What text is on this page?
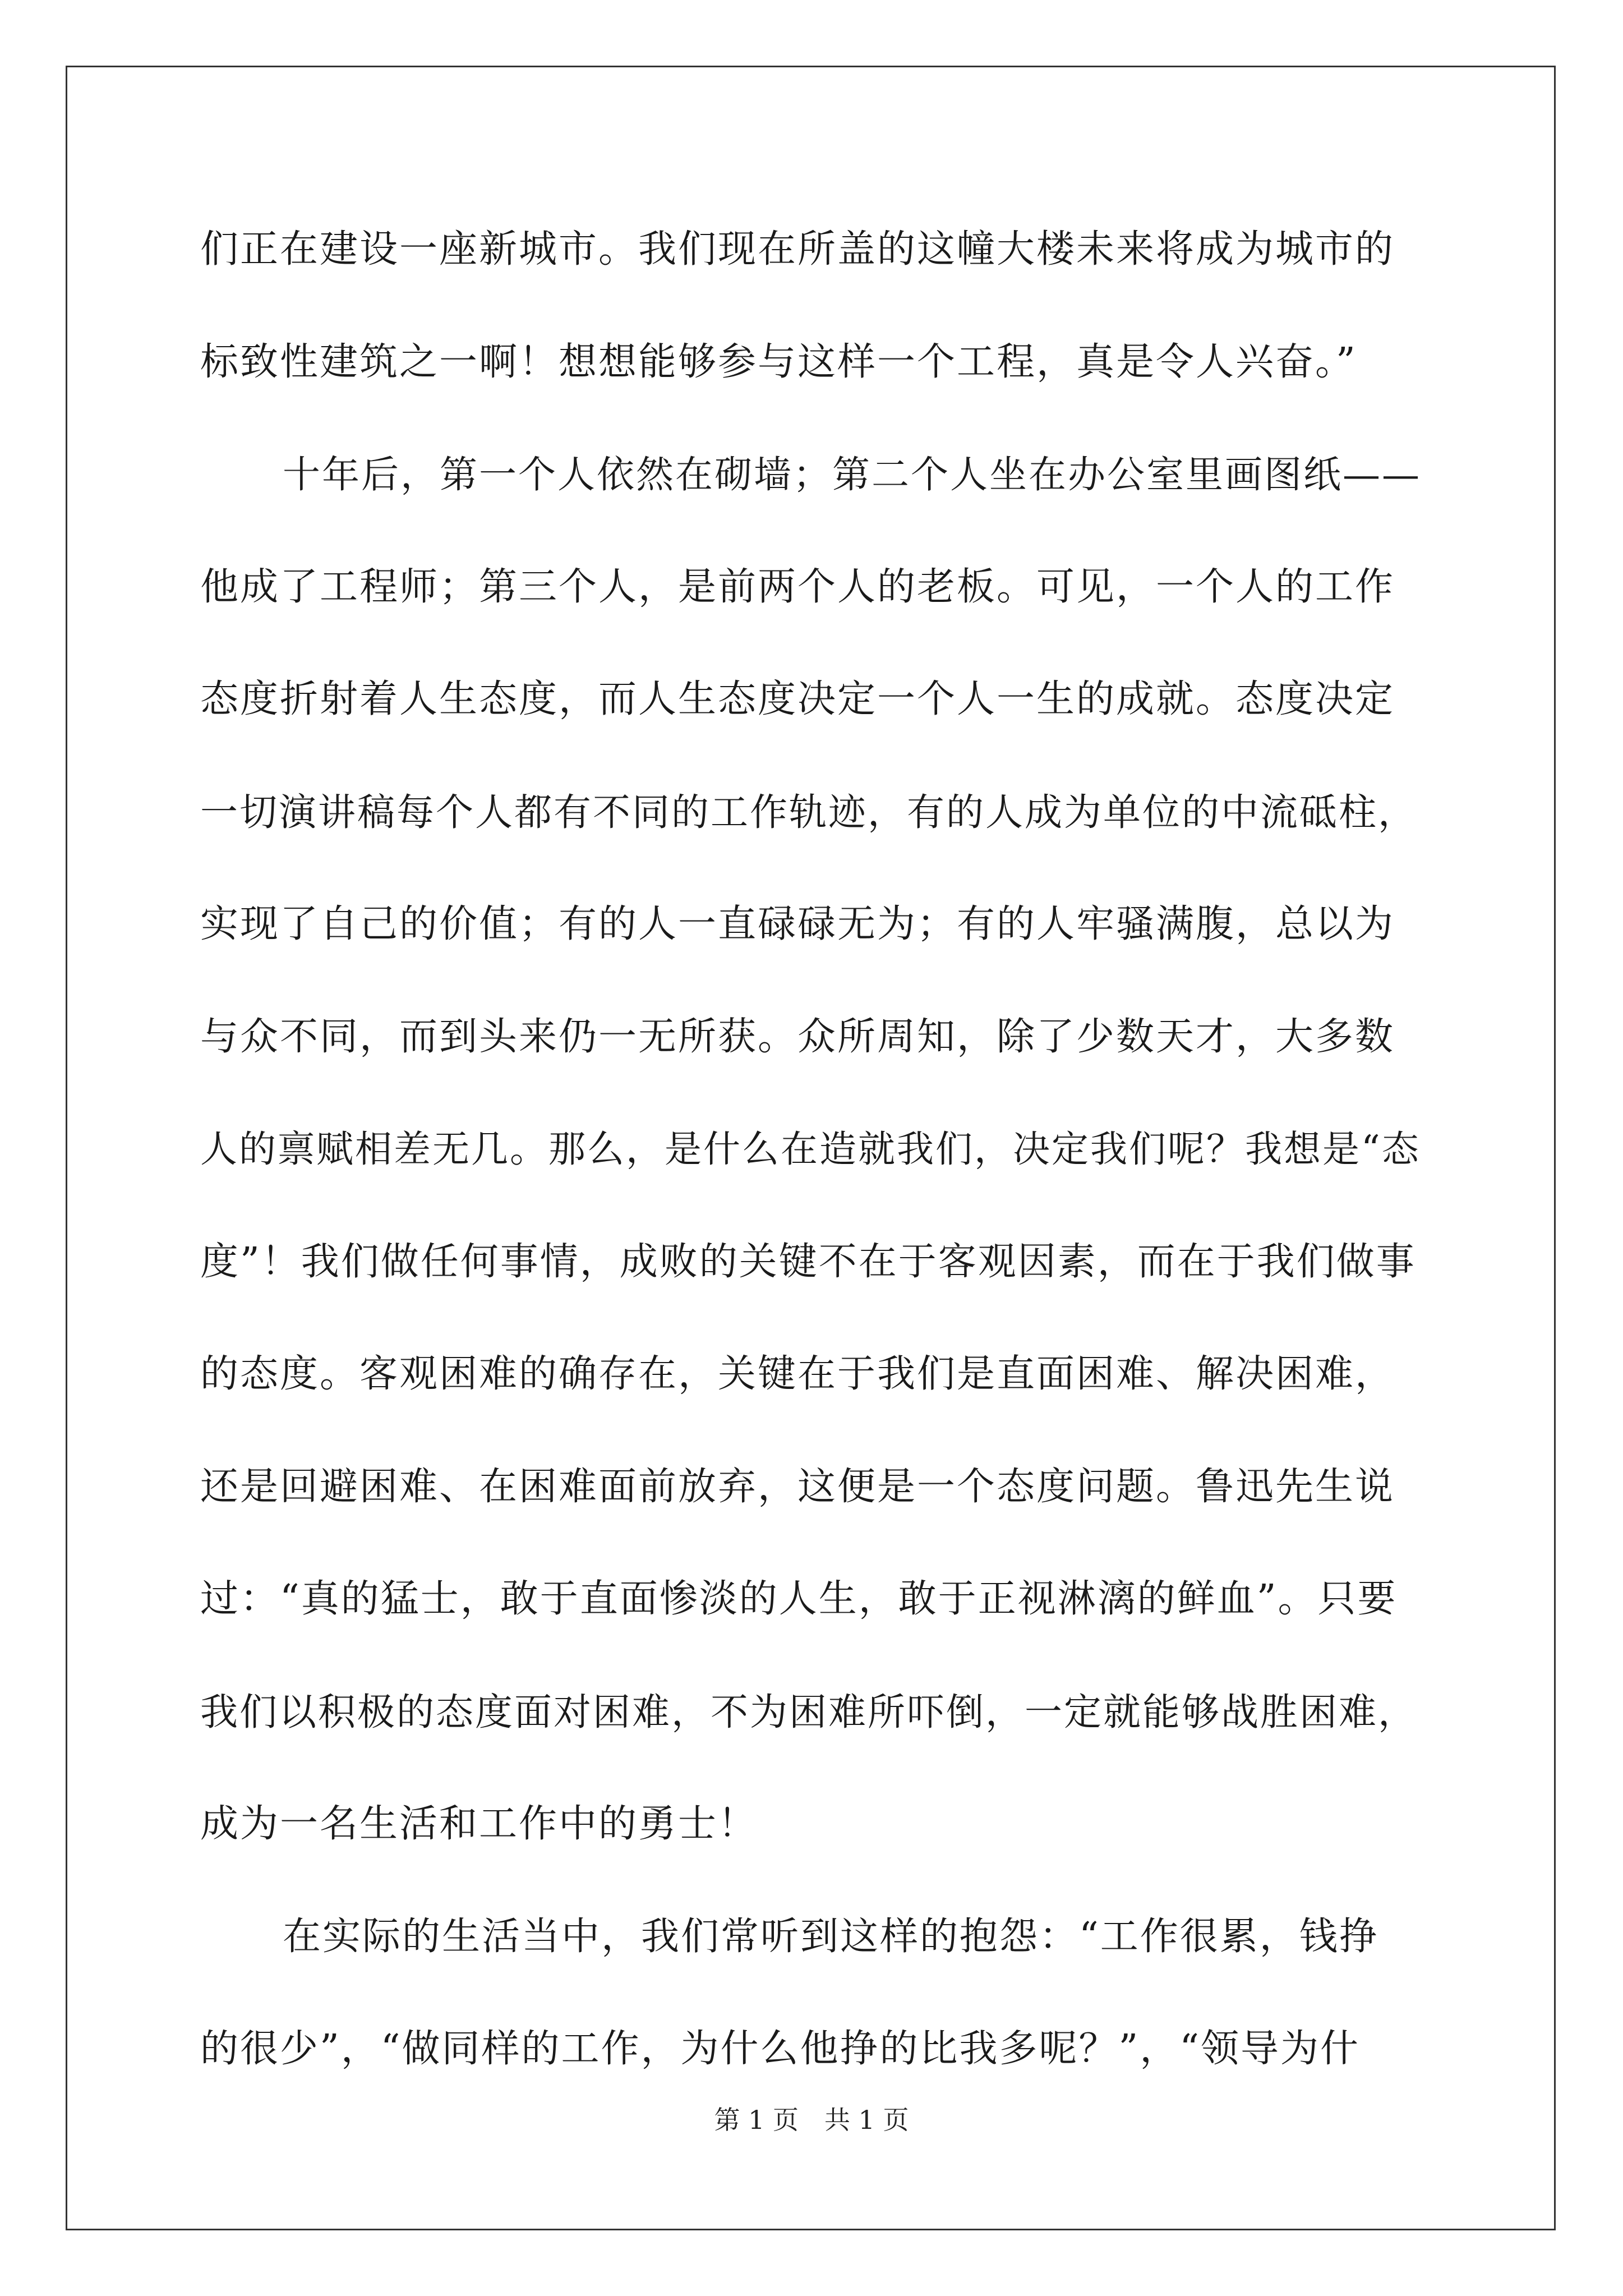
们正在建设一座新城市。我们现在所盖的这幢大楼未来将成为城市的
标致性建筑之一啊！想想能够参与这样一个工程，真是令人兴奋。”
十年后，第一个人依然在砌墙；第二个人坐在办公室里画图纸——
他成了工程师；第三个人，是前两个人的老板。可见，一个人的工作
态度折射着人生态度，而人生态度决定一个人一生的成就。态度决定
一切演讲稿每个人都有不同的工作轨迹，有的人成为单位的中流砥柱，
实现了自己的价值；有的人一直碌碌无为；有的人牢骚满腹，总以为
与众不同，而到头来仍一无所获。众所周知，除了少数天才，大多数
人的禀赋相差无几。那么，是什么在造就我们，决定我们呢？我想是“态
度”！我们做任何事情，成败的关键不在于客观因素，而在于我们做事
的态度。客观困难的确存在，关键在于我们是直面困难、解决困难，
还是回避困难、在困难面前放弃，这便是一个态度问题。鲁迅先生说
过：“真的猛士，敢于直面惨淡的人生，敢于正视淋漓的鲜血”。只要
我们以积极的态度面对困难，不为困难所吓倒，一定就能够战胜困难，
成为一名生活和工作中的勇士！
在实际的生活当中，我们常听到这样的抱怨：“工作很累，钱挣
的很少”，“做同样的工作，为什么他挣的比我多呢？”，“领导为什
第 1 页　共 1 页
